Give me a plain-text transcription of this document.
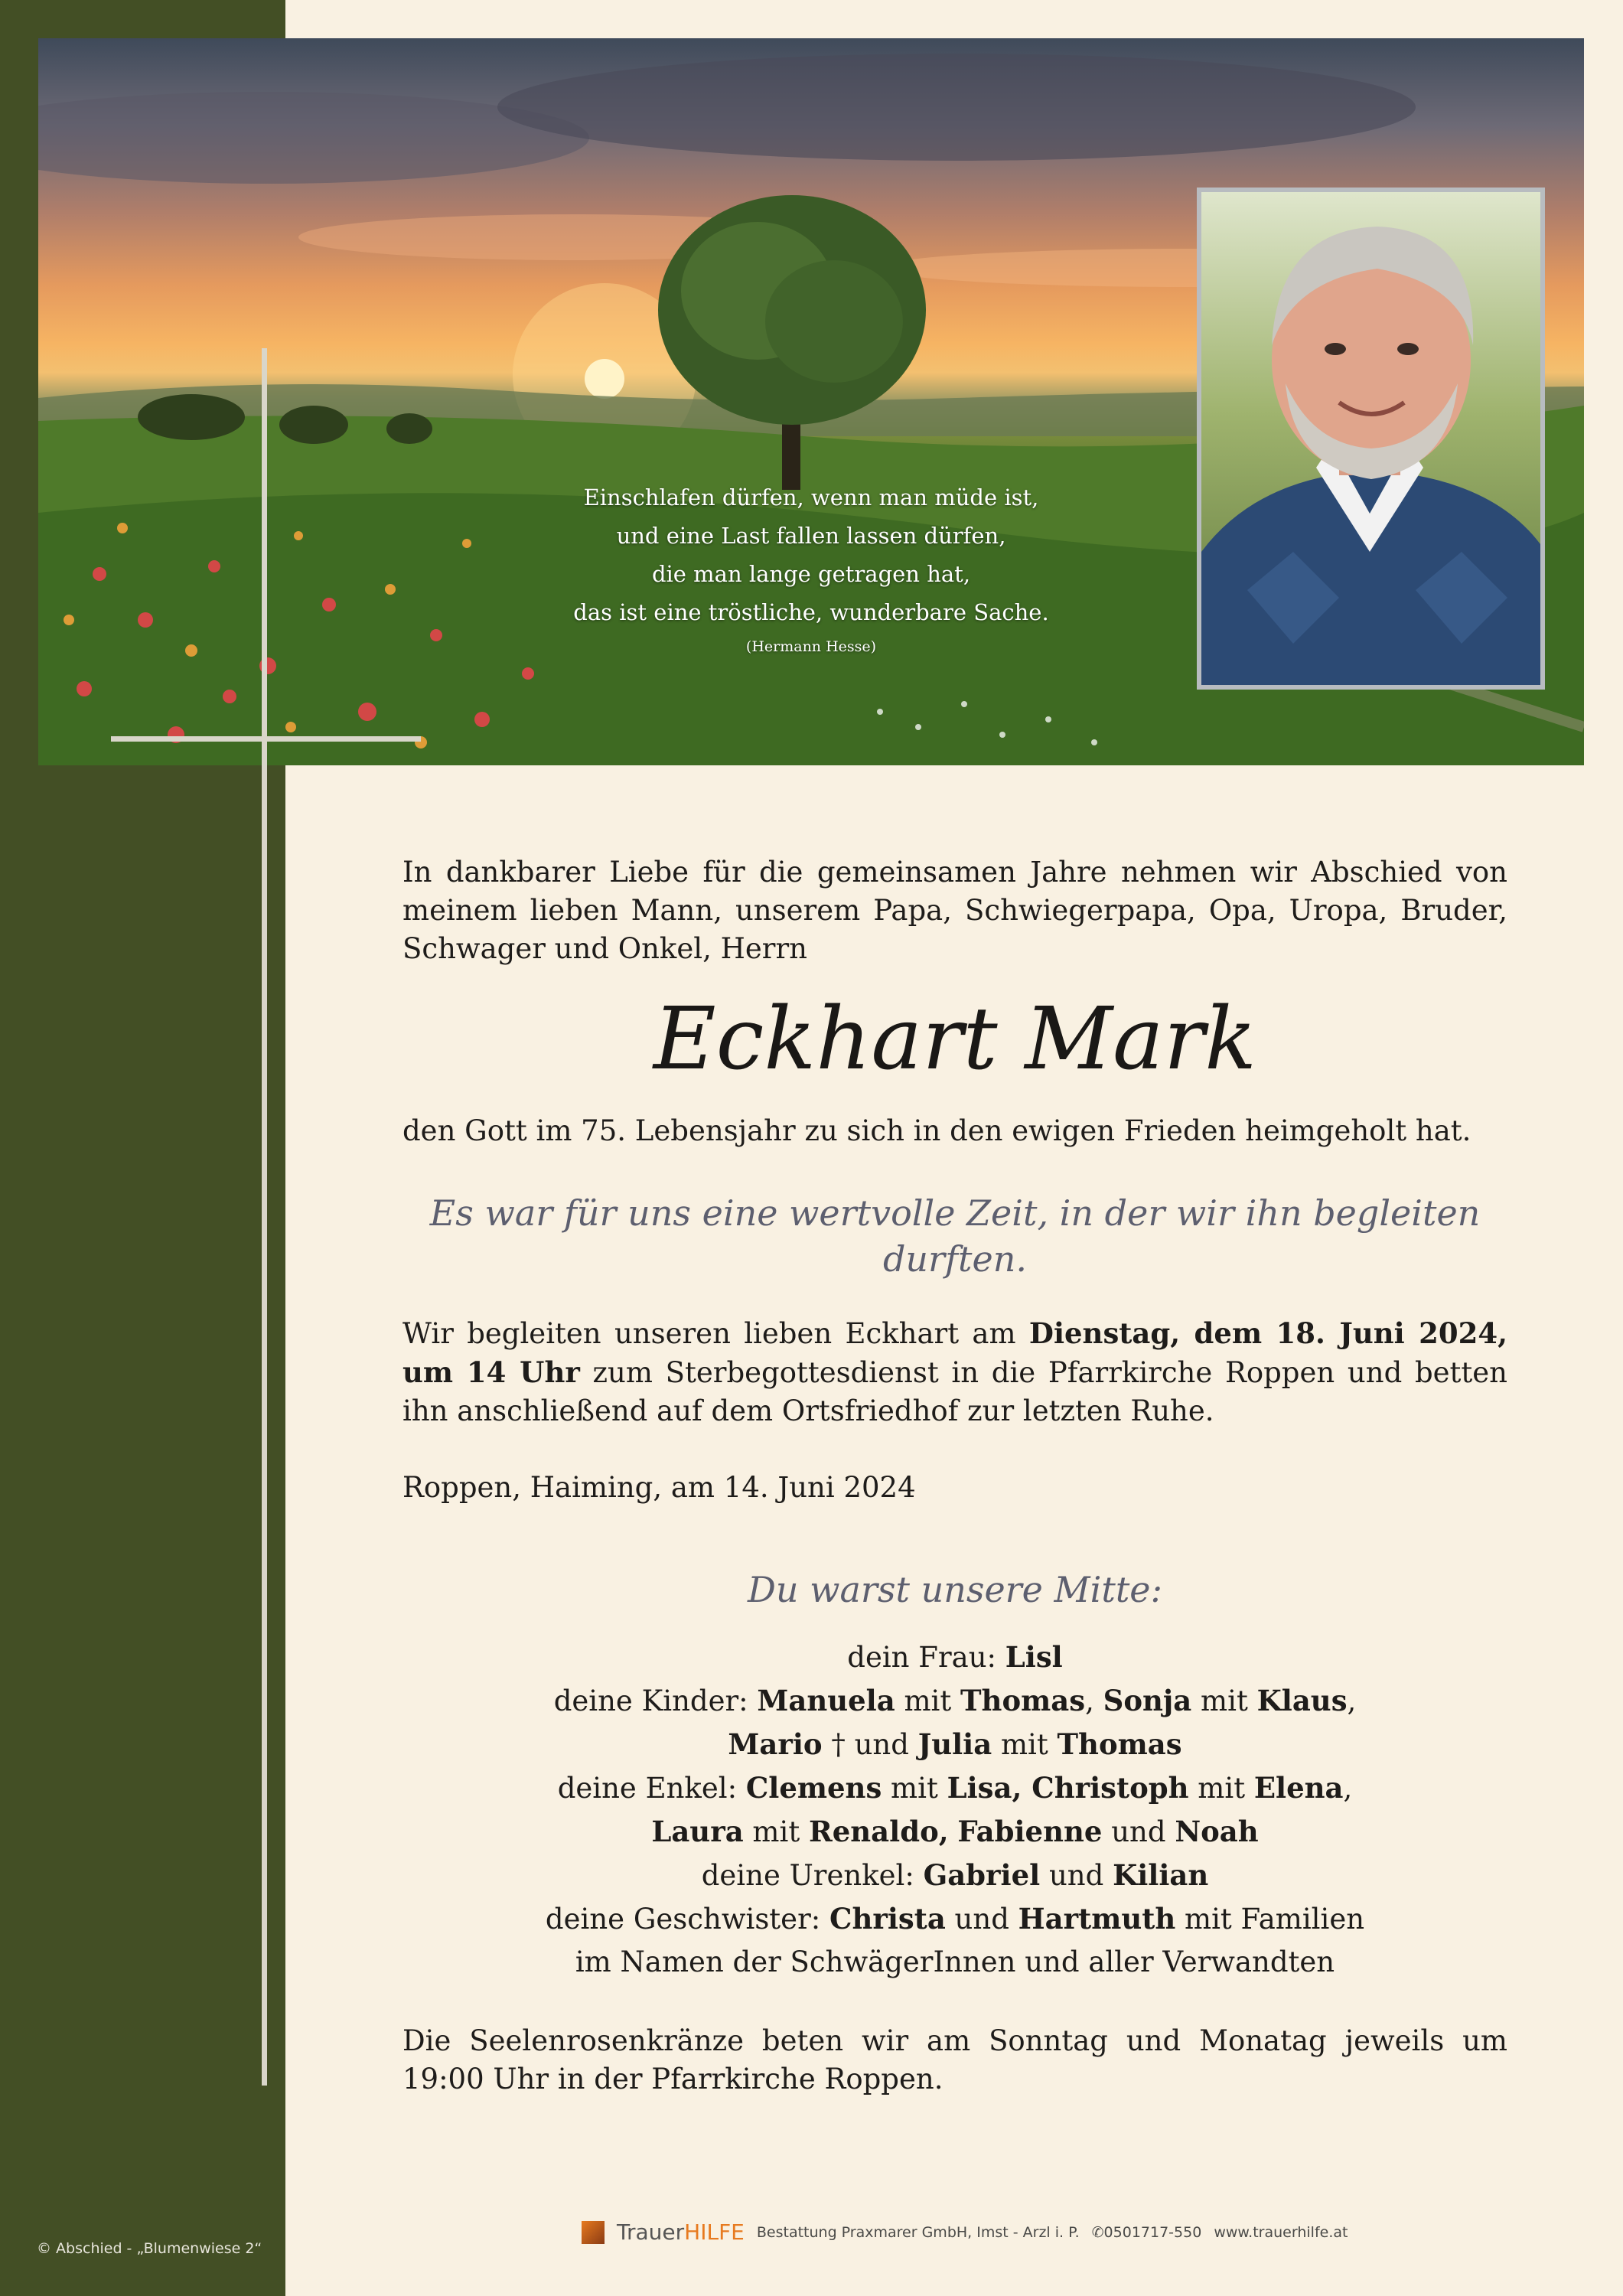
Einschlafen dürfen, wenn man müde ist,
und eine Last fallen lassen dürfen,
die man lange getragen hat,
das ist eine tröstliche, wunderbare Sache.
(Hermann Hesse)

In dankbarer Liebe für die gemeinsamen Jahre nehmen wir Abschied von meinem lieben Mann, unserem Papa, Schwiegerpapa, Opa, Uropa, Bruder, Schwager und Onkel, Herrn

Eckhart Mark

den Gott im 75. Lebensjahr zu sich in den ewigen Frieden heimgeholt hat.

Es war für uns eine wertvolle Zeit, in der wir ihn begleiten durften.

Wir begleiten unseren lieben Eckhart am Dienstag, dem 18. Juni 2024, um 14 Uhr zum Sterbegottesdienst in die Pfarrkirche Roppen und betten ihn anschließend auf dem Ortsfriedhof zur letzten Ruhe.

Roppen, Haiming, am 14. Juni 2024

Du warst unsere Mitte:
dein Frau: Lisl
deine Kinder: Manuela mit Thomas, Sonja mit Klaus,
Mario † und Julia mit Thomas
deine Enkel: Clemens mit Lisa, Christoph mit Elena,
Laura mit Renaldo, Fabienne und Noah
deine Urenkel: Gabriel und Kilian
deine Geschwister: Christa und Hartmuth mit Familien
im Namen der SchwägerInnen und aller Verwandten

Die Seelenrosenkränze beten wir am Sonntag und Monatag jeweils um 19:00 Uhr in der Pfarrkirche Roppen.

© Abschied - „Blumenwiese 2“
TrauerHILFE Bestattung Praxmarer GmbH, Imst - Arzl i. P. ✆0501717-550 www.trauerhilfe.at
